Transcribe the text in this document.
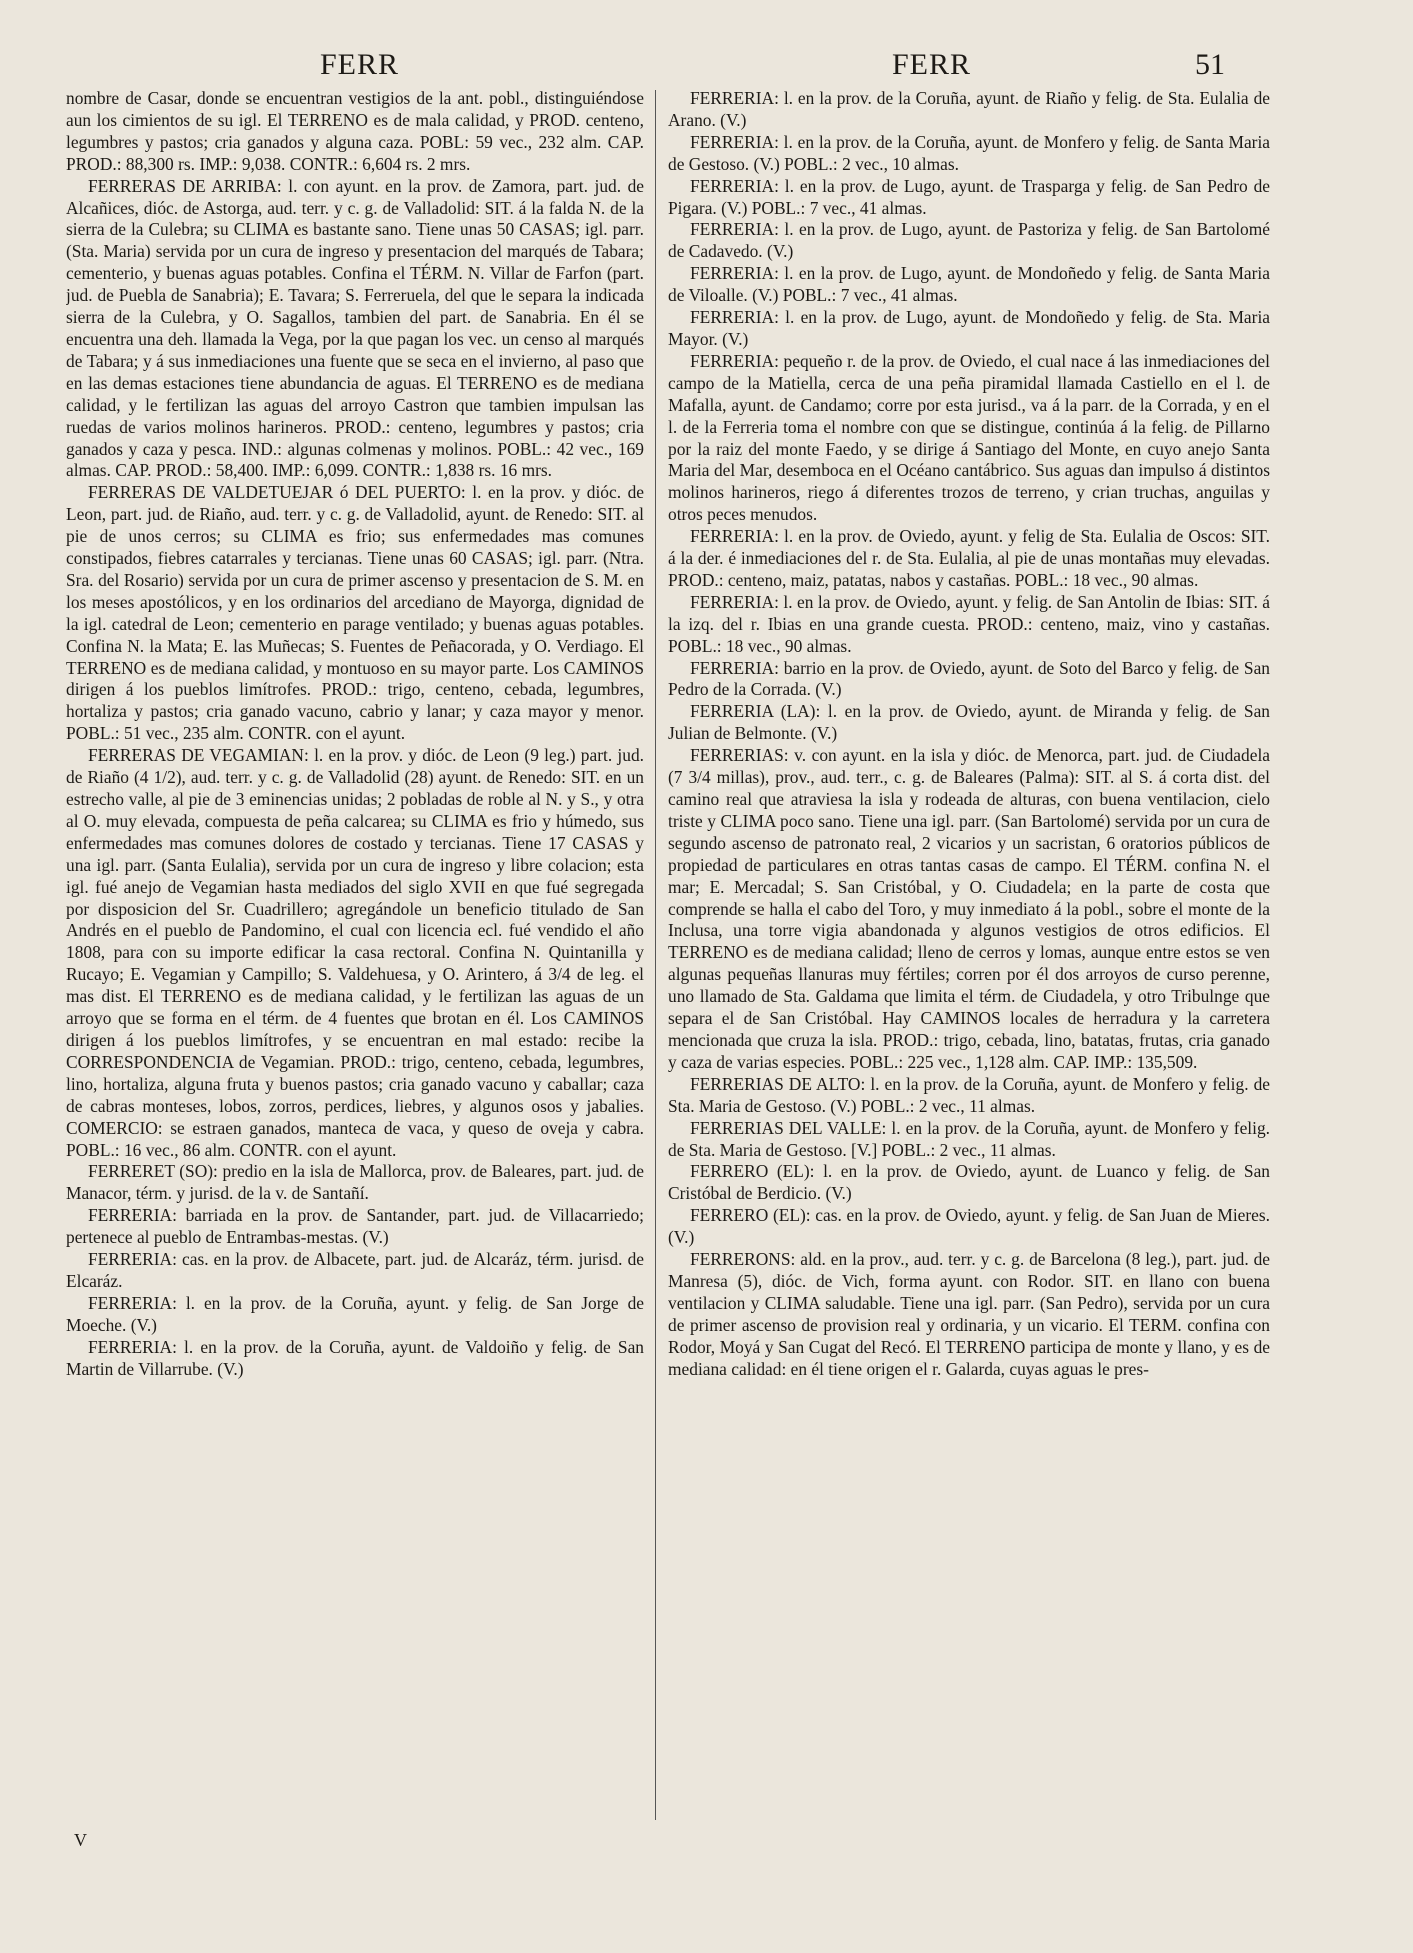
FERR	FERR	51

nombre de Casar, donde se encuentran vestigios de la ant. pobl., distinguiéndose aun los cimientos de su igl. El TERRENO es de mala calidad, y PROD. centeno, legumbres y pastos; cria ganados y alguna caza. POBL: 59 vec., 232 alm. CAP. PROD.: 88,300 rs. IMP.: 9,038. CONTR.: 6,604 rs. 2 mrs.

FERRERAS DE ARRIBA: l. con ayunt. en la prov. de Zamora, part. jud. de Alcañices, dióc. de Astorga, aud. terr. y c. g. de Valladolid: SIT. á la falda N. de la sierra de la Culebra; su CLIMA es bastante sano. Tiene unas 50 CASAS; igl. parr. (Sta. Maria) servida por un cura de ingreso y presentacion del marqués de Tabara; cementerio, y buenas aguas potables. Confina el TÉRM. N. Villar de Farfon (part. jud. de Puebla de Sanabria); E. Tavara; S. Ferreruela, del que le separa la indicada sierra de la Culebra, y O. Sagallos, tambien del part. de Sanabria. En él se encuentra una deh. llamada la Vega, por la que pagan los vec. un censo al marqués de Tabara; y á sus inmediaciones una fuente que se seca en el invierno, al paso que en las demas estaciones tiene abundancia de aguas. El TERRENO es de mediana calidad, y le fertilizan las aguas del arroyo Castron que tambien impulsan las ruedas de varios molinos harineros. PROD.: centeno, legumbres y pastos; cria ganados y caza y pesca. IND.: algunas colmenas y molinos. POBL.: 42 vec., 169 almas. CAP. PROD.: 58,400. IMP.: 6,099. CONTR.: 1,838 rs. 16 mrs.

FERRERAS DE VALDETUEJAR ó DEL PUERTO: l. en la prov. y dióc. de Leon, part. jud. de Riaño, aud. terr. y c. g. de Valladolid, ayunt. de Renedo: SIT. al pie de unos cerros; su CLIMA es frio; sus enfermedades mas comunes constipados, fiebres catarrales y tercianas. Tiene unas 60 CASAS; igl. parr. (Ntra. Sra. del Rosario) servida por un cura de primer ascenso y presentacion de S. M. en los meses apostólicos, y en los ordinarios del arcediano de Mayorga, dignidad de la igl. catedral de Leon; cementerio en parage ventilado; y buenas aguas potables. Confina N. la Mata; E. las Muñecas; S. Fuentes de Peñacorada, y O. Verdiago. El TERRENO es de mediana calidad, y montuoso en su mayor parte. Los CAMINOS dirigen á los pueblos limítrofes. PROD.: trigo, centeno, cebada, legumbres, hortaliza y pastos; cria ganado vacuno, cabrio y lanar; y caza mayor y menor. POBL.: 51 vec., 235 alm. CONTR. con el ayunt.

FERRERAS DE VEGAMIAN: l. en la prov. y dióc. de Leon (9 leg.) part. jud. de Riaño (4 1/2), aud. terr. y c. g. de Valladolid (28) ayunt. de Renedo: SIT. en un estrecho valle, al pie de 3 eminencias unidas; 2 pobladas de roble al N. y S., y otra al O. muy elevada, compuesta de peña calcarea; su CLIMA es frio y húmedo, sus enfermedades mas comunes dolores de costado y tercianas. Tiene 17 CASAS y una igl. parr. (Santa Eulalia), servida por un cura de ingreso y libre colacion; esta igl. fué anejo de Vegamian hasta mediados del siglo XVII en que fué segregada por disposicion del Sr. Cuadrillero; agregándole un beneficio titulado de San Andrés en el pueblo de Pandomino, el cual con licencia ecl. fué vendido el año 1808, para con su importe edificar la casa rectoral. Confina N. Quintanilla y Rucayo; E. Vegamian y Campillo; S. Valdehuesa, y O. Arintero, á 3/4 de leg. el mas dist. El TERRENO es de mediana calidad, y le fertilizan las aguas de un arroyo que se forma en el térm. de 4 fuentes que brotan en él. Los CAMINOS dirigen á los pueblos limítrofes, y se encuentran en mal estado: recibe la CORRESPONDENCIA de Vegamian. PROD.: trigo, centeno, cebada, legumbres, lino, hortaliza, alguna fruta y buenos pastos; cria ganado vacuno y caballar; caza de cabras monteses, lobos, zorros, perdices, liebres, y algunos osos y jabalies. COMERCIO: se estraen ganados, manteca de vaca, y queso de oveja y cabra. POBL.: 16 vec., 86 alm. CONTR. con el ayunt.

FERRERET (SO): predio en la isla de Mallorca, prov. de Baleares, part. jud. de Manacor, térm. y jurisd. de la v. de Santañí.

FERRERIA: barriada en la prov. de Santander, part. jud. de Villacarriedo; pertenece al pueblo de Entrambas-mestas. (V.)

FERRERIA: cas. en la prov. de Albacete, part. jud. de Alcaráz, térm. jurisd. de Elcaráz.

FERRERIA: l. en la prov. de la Coruña, ayunt. y felig. de San Jorge de Moeche. (V.)

FERRERIA: l. en la prov. de la Coruña, ayunt. de Valdoiño y felig. de San Martin de Villarrube. (V.)

FERRERIA: l. en la prov. de la Coruña, ayunt. de Riaño y felig. de Sta. Eulalia de Arano. (V.)

FERRERIA: l. en la prov. de la Coruña, ayunt. de Monfero y felig. de Santa Maria de Gestoso. (V.) POBL.: 2 vec., 10 almas.

FERRERIA: l. en la prov. de Lugo, ayunt. de Trasparga y felig. de San Pedro de Pigara. (V.) POBL.: 7 vec., 41 almas.

FERRERIA: l. en la prov. de Lugo, ayunt. de Pastoriza y felig. de San Bartolomé de Cadavedo. (V.)

FERRERIA: l. en la prov. de Lugo, ayunt. de Mondoñedo y felig. de Santa Maria de Viloalle. (V.) POBL.: 7 vec., 41 almas.

FERRERIA: l. en la prov. de Lugo, ayunt. de Mondoñedo y felig. de Sta. Maria Mayor. (V.)

FERRERIA: pequeño r. de la prov. de Oviedo, el cual nace á las inmediaciones del campo de la Matiella, cerca de una peña piramidal llamada Castiello en el l. de Mafalla, ayunt. de Candamo; corre por esta jurisd., va á la parr. de la Corrada, y en el l. de la Ferreria toma el nombre con que se distingue, continúa á la felig. de Pillarno por la raiz del monte Faedo, y se dirige á Santiago del Monte, en cuyo anejo Santa Maria del Mar, desemboca en el Océano cantábrico. Sus aguas dan impulso á distintos molinos harineros, riego á diferentes trozos de terreno, y crian truchas, anguilas y otros peces menudos.

FERRERIA: l. en la prov. de Oviedo, ayunt. y felig de Sta. Eulalia de Oscos: SIT. á la der. é inmediaciones del r. de Sta. Eulalia, al pie de unas montañas muy elevadas. PROD.: centeno, maiz, patatas, nabos y castañas. POBL.: 18 vec., 90 almas.

FERRERIA: l. en la prov. de Oviedo, ayunt. y felig. de San Antolin de Ibias: SIT. á la izq. del r. Ibias en una grande cuesta. PROD.: centeno, maiz, vino y castañas. POBL.: 18 vec., 90 almas.

FERRERIA: barrio en la prov. de Oviedo, ayunt. de Soto del Barco y felig. de San Pedro de la Corrada. (V.)

FERRERIA (LA): l. en la prov. de Oviedo, ayunt. de Miranda y felig. de San Julian de Belmonte. (V.)

FERRERIAS: v. con ayunt. en la isla y dióc. de Menorca, part. jud. de Ciudadela (7 3/4 millas), prov., aud. terr., c. g. de Baleares (Palma): SIT. al S. á corta dist. del camino real que atraviesa la isla y rodeada de alturas, con buena ventilacion, cielo triste y CLIMA poco sano. Tiene una igl. parr. (San Bartolomé) servida por un cura de segundo ascenso de patronato real, 2 vicarios y un sacristan, 6 oratorios públicos de propiedad de particulares en otras tantas casas de campo. El TÉRM. confina N. el mar; E. Mercadal; S. San Cristóbal, y O. Ciudadela; en la parte de costa que comprende se halla el cabo del Toro, y muy inmediato á la pobl., sobre el monte de la Inclusa, una torre vigia abandonada y algunos vestigios de otros edificios. El TERRENO es de mediana calidad; lleno de cerros y lomas, aunque entre estos se ven algunas pequeñas llanuras muy fértiles; corren por él dos arroyos de curso perenne, uno llamado de Sta. Galdama que limita el térm. de Ciudadela, y otro Tribulnge que separa el de San Cristóbal. Hay CAMINOS locales de herradura y la carretera mencionada que cruza la isla. PROD.: trigo, cebada, lino, batatas, frutas, cria ganado y caza de varias especies. POBL.: 225 vec., 1,128 alm. CAP. IMP.: 135,509.

FERRERIAS DE ALTO: l. en la prov. de la Coruña, ayunt. de Monfero y felig. de Sta. Maria de Gestoso. (V.) POBL.: 2 vec., 11 almas.

FERRERIAS DEL VALLE: l. en la prov. de la Coruña, ayunt. de Monfero y felig. de Sta. Maria de Gestoso. [V.] POBL.: 2 vec., 11 almas.

FERRERO (EL): l. en la prov. de Oviedo, ayunt. de Luanco y felig. de San Cristóbal de Berdicio. (V.)

FERRERO (EL): cas. en la prov. de Oviedo, ayunt. y felig. de San Juan de Mieres. (V.)

FERRERONS: ald. en la prov., aud. terr. y c. g. de Barcelona (8 leg.), part. jud. de Manresa (5), dióc. de Vich, forma ayunt. con Rodor. SIT. en llano con buena ventilacion y CLIMA saludable. Tiene una igl. parr. (San Pedro), servida por un cura de primer ascenso de provision real y ordinaria, y un vicario. El TERM. confina con Rodor, Moyá y San Cugat del Recó. El TERRENO participa de monte y llano, y es de mediana calidad: en él tiene origen el r. Galarda, cuyas aguas le pres-

V
